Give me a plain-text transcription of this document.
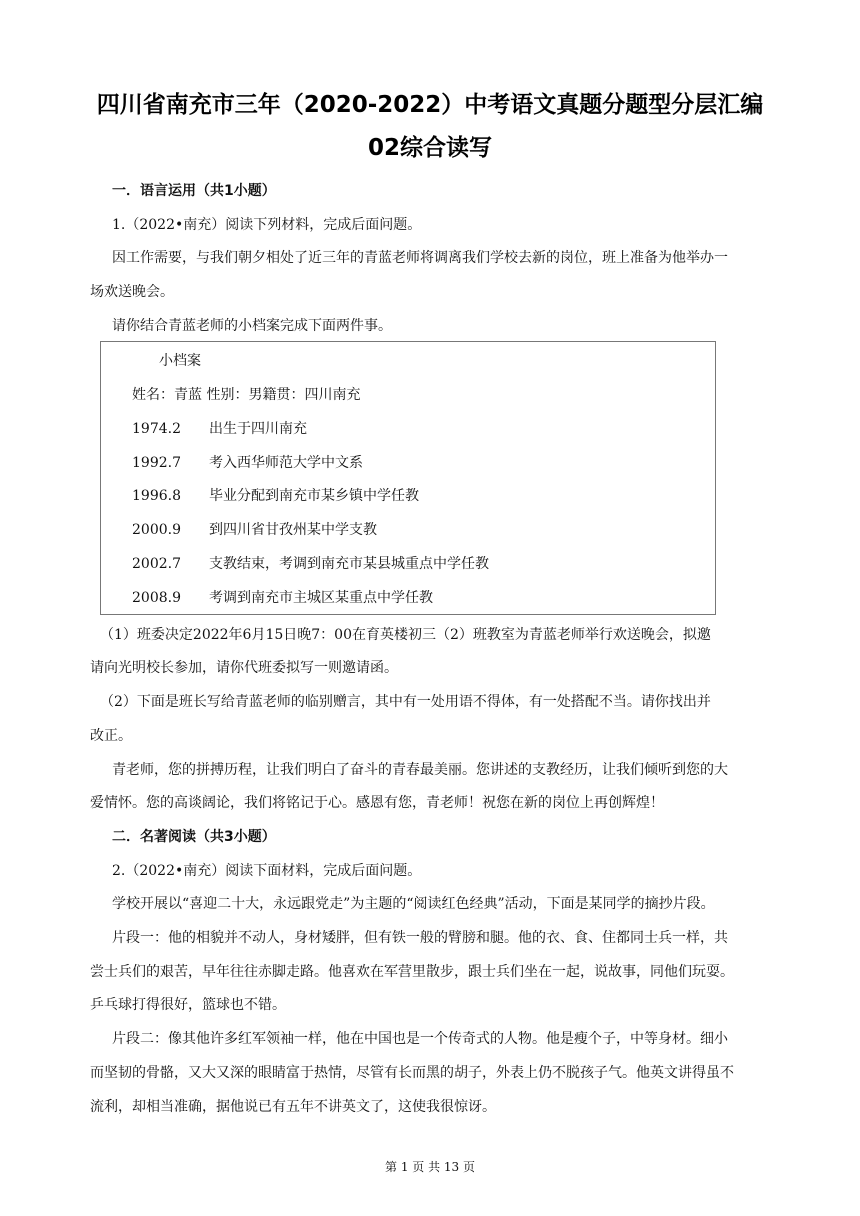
四川省南充市三年（2020-2022）中考语文真题分题型分层汇编
02综合读写
一．语言运用（共1小题）
1.（2022•南充）阅读下列材料，完成后面问题。
因工作需要，与我们朝夕相处了近三年的青蓝老师将调离我们学校去新的岗位，班上准备为他举办一
场欢送晚会。
请你结合青蓝老师的小档案完成下面两件事。
小档案
姓名：青蓝 性别：男籍贯：四川南充
1974.2 出生于四川南充
1992.7 考入西华师范大学中文系
1996.8 毕业分配到南充市某乡镇中学任教
2000.9 到四川省甘孜州某中学支教
2002.7 支教结束，考调到南充市某县城重点中学任教
2008.9 考调到南充市主城区某重点中学任教
（1）班委决定2022年6月15日晚7：00在育英楼初三（2）班教室为青蓝老师举行欢送晚会，拟邀
请向光明校长参加，请你代班委拟写一则邀请函。
（2）下面是班长写给青蓝老师的临别赠言，其中有一处用语不得体，有一处搭配不当。请你找出并
改正。
青老师，您的拼搏历程，让我们明白了奋斗的青春最美丽。您讲述的支教经历，让我们倾听到您的大
爱情怀。您的高谈阔论，我们将铭记于心。感恩有您，青老师！祝您在新的岗位上再创辉煌！
二．名著阅读（共3小题）
2.（2022•南充）阅读下面材料，完成后面问题。
学校开展以“喜迎二十大，永远跟党走”为主题的“阅读红色经典”活动，下面是某同学的摘抄片段。
片段一：他的相貌并不动人，身材矮胖，但有铁一般的臂膀和腿。他的衣、食、住都同士兵一样，共
尝士兵们的艰苦，早年往往赤脚走路。他喜欢在军营里散步，跟士兵们坐在一起，说故事，同他们玩耍。
乒乓球打得很好，篮球也不错。
片段二：像其他许多红军领袖一样，他在中国也是一个传奇式的人物。他是瘦个子，中等身材。细小
而坚韧的骨骼，又大又深的眼睛富于热情，尽管有长而黑的胡子，外表上仍不脱孩子气。他英文讲得虽不
流利，却相当准确，据他说已有五年不讲英文了，这使我很惊讶。
第 1 页 共 13 页
